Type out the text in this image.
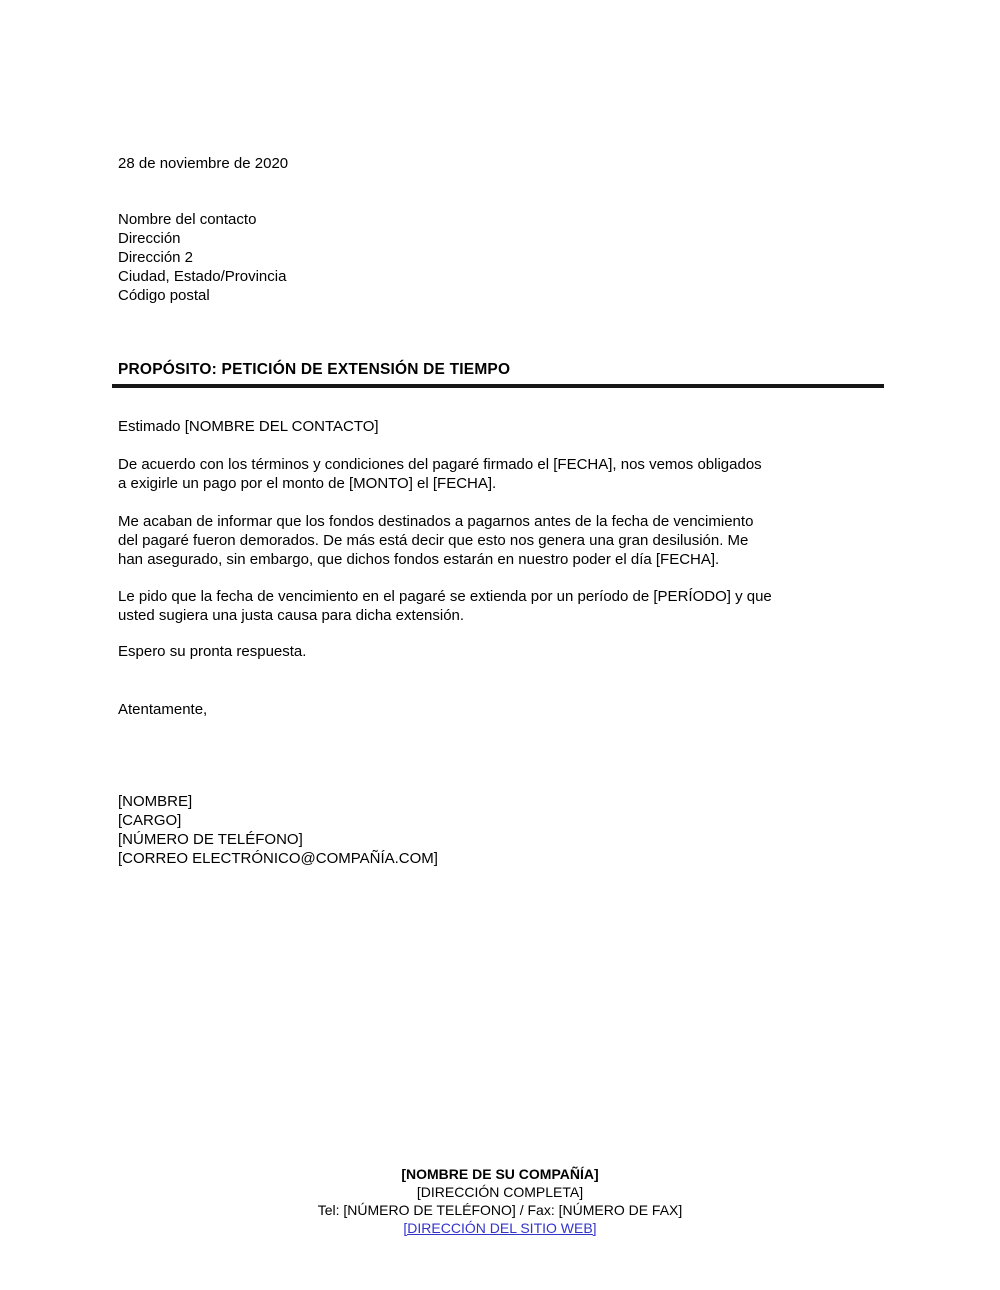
28 de noviembre de 2020
Nombre del contacto
Dirección
Dirección 2
Ciudad, Estado/Provincia
Código postal
PROPÓSITO: PETICIÓN DE EXTENSIÓN DE TIEMPO
Estimado [NOMBRE DEL CONTACTO]
De acuerdo con los términos y condiciones del pagaré firmado el [FECHA], nos vemos obligados
a exigirle un pago por el monto de [MONTO] el [FECHA].
Me acaban de informar que los fondos destinados a pagarnos antes de la fecha de vencimiento
del pagaré fueron demorados. De más está decir que esto nos genera una gran desilusión. Me
han asegurado, sin embargo, que dichos fondos estarán en nuestro poder el día [FECHA].
Le pido que la fecha de vencimiento en el pagaré se extienda por un período de [PERÍODO] y que
usted sugiera una justa causa para dicha extensión.
Espero su pronta respuesta.
Atentamente,
[NOMBRE]
[CARGO]
[NÚMERO DE TELÉFONO]
[CORREO ELECTRÓNICO@COMPAÑÍA.COM]
[NOMBRE DE SU COMPAÑÍA]
[DIRECCIÓN COMPLETA]
Tel: [NÚMERO DE TELÉFONO] / Fax: [NÚMERO DE FAX]
[DIRECCIÓN DEL SITIO WEB]
